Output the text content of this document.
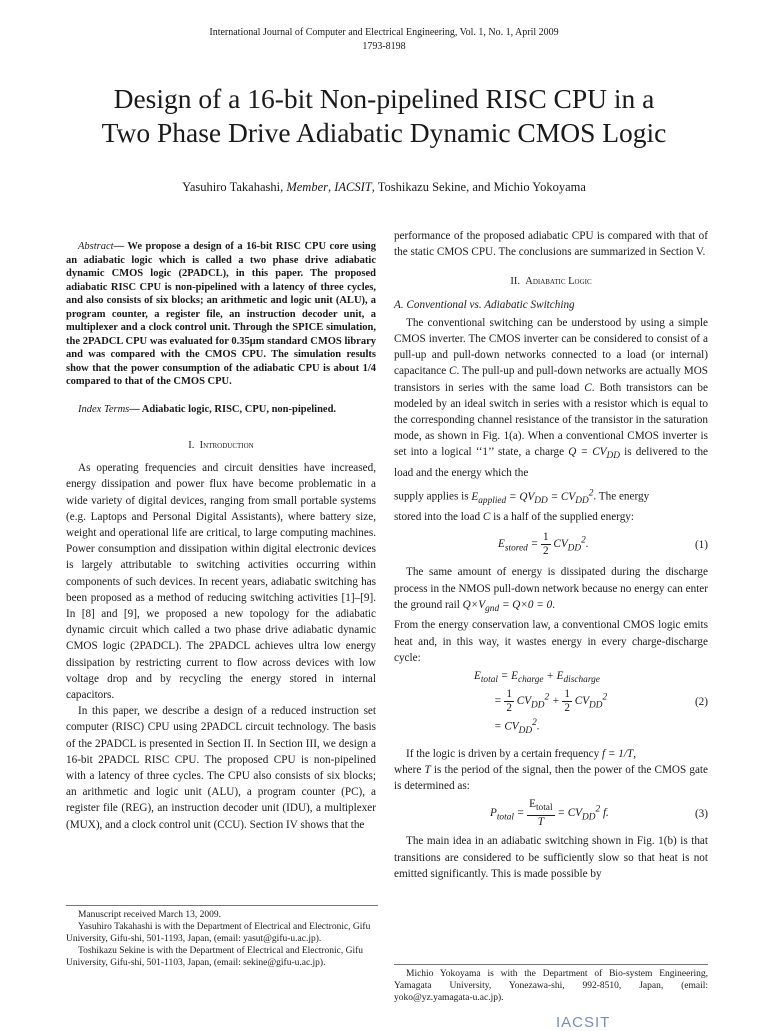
International Journal of Computer and Electrical Engineering, Vol. 1, No. 1, April 2009
1793-8198
Design of a 16-bit Non-pipelined RISC CPU in a
Two Phase Drive Adiabatic Dynamic CMOS Logic
Yasuhiro Takahashi, Member, IACSIT, Toshikazu Sekine, and Michio Yokoyama

Abstract— We propose a design of a 16-bit RISC CPU core using an adiabatic logic which is called a two phase drive adiabatic dynamic CMOS logic (2PADCL), in this paper. The proposed adiabatic RISC CPU is non-pipelined with a latency of three cycles, and also consists of six blocks; an arithmetic and logic unit (ALU), a program counter, a register file, an instruction decoder unit, a multiplexer and a clock control unit. Through the SPICE simulation, the 2PADCL CPU was evaluated for 0.35μm standard CMOS library and was compared with the CMOS CPU. The simulation results show that the power consumption of the adiabatic CPU is about 1/4 compared to that of the CMOS CPU.

Index Terms— Adiabatic logic, RISC, CPU, non-pipelined.

I. Introduction

As operating frequencies and circuit densities have increased, energy dissipation and power flux have become problematic in a wide variety of digital devices, ranging from small portable systems (e.g. Laptops and Personal Digital Assistants), where battery size, weight and operational life are critical, to large computing machines. Power consumption and dissipation within digital electronic devices is largely attributable to switching activities occurring within components of such devices. In recent years, adiabatic switching has been proposed as a method of reducing switching activities [1]–[9]. In [8] and [9], we proposed a new topology for the adiabatic dynamic circuit which called a two phase drive adiabatic dynamic CMOS logic (2PADCL). The 2PADCL achieves ultra low energy dissipation by restricting current to flow across devices with low voltage drop and by recycling the energy stored in internal capacitors.

In this paper, we describe a design of a reduced instruction set computer (RISC) CPU using 2PADCL circuit technology. The basis of the 2PADCL is presented in Section II. In Section III, we design a 16-bit 2PADCL RISC CPU. The proposed CPU is non-pipelined with a latency of three cycles. The CPU also consists of six blocks; an arithmetic and logic unit (ALU), a program counter (PC), a register file (REG), an instruction decoder unit (IDU), a multiplexer (MUX), and a clock control unit (CCU). Section IV shows that the

Manuscript received March 13, 2009.

Yasuhiro Takahashi is with the Department of Electrical and Electronic, Gifu University, Gifu-shi, 501-1193, Japan, (email: yasut@gifu-u.ac.jp).

Toshikazu Sekine is with the Department of Electrical and Electronic, Gifu University, Gifu-shi, 501-1103, Japan, (email: sekine@gifu-u.ac.jp).

performance of the proposed adiabatic CPU is compared with that of the static CMOS CPU. The conclusions are summarized in Section V.

II. Adiabatic Logic

A. Conventional vs. Adiabatic Switching

The conventional switching can be understood by using a simple CMOS inverter. The CMOS inverter can be considered to consist of a pull-up and pull-down networks connected to a load (or internal) capacitance C. The pull-up and pull-down networks are actually MOS transistors in series with the same load C. Both transistors can be modeled by an ideal switch in series with a resistor which is equal to the corresponding channel resistance of the transistor in the saturation mode, as shown in Fig. 1(a). When a conventional CMOS inverter is set into a logical ‘‘1’’ state, a charge $Q = CV_{DD}$ is delivered to the load and the energy which the

supply applies is $E_{applied} = QV_{DD} = CV_{DD}^2$. The energy
stored into the load C is a half of the supplied energy:

$E_{stored} = \frac{1}{2} CV_{DD}^2$.	(1)

The same amount of energy is dissipated during the discharge process in the NMOS pull-down network because no energy can enter the ground rail $Q\times V_{gnd} = Q\times 0 = 0$.

From the energy conservation law, a conventional CMOS logic emits heat and, in this way, it wastes energy in every charge-discharge cycle:

$E_{total} = E_{charge} + E_{discharge}$
= $\frac{1}{2} CV_{DD}^2 + \frac{1}{2} CV_{DD}^2$	(2)
= $CV_{DD}^2$.

If the logic is driven by a certain frequency f = 1/T,
where T is the period of the signal, then the power of the CMOS gate is determined as:

$P_{total} = \frac{E_{total}}{T} = CV_{DD}^2$ f.	(3)

The main idea in an adiabatic switching shown in Fig. 1(b) is that transitions are considered to be sufficiently slow so that heat is not emitted significantly. This is made possible by

Michio Yokoyama is with the Department of Bio-system Engineering, Yamagata University, Yonezawa-shi, 992-8510, Japan, (email: yoko@yz.yamagata-u.ac.jp).

IACSIT
